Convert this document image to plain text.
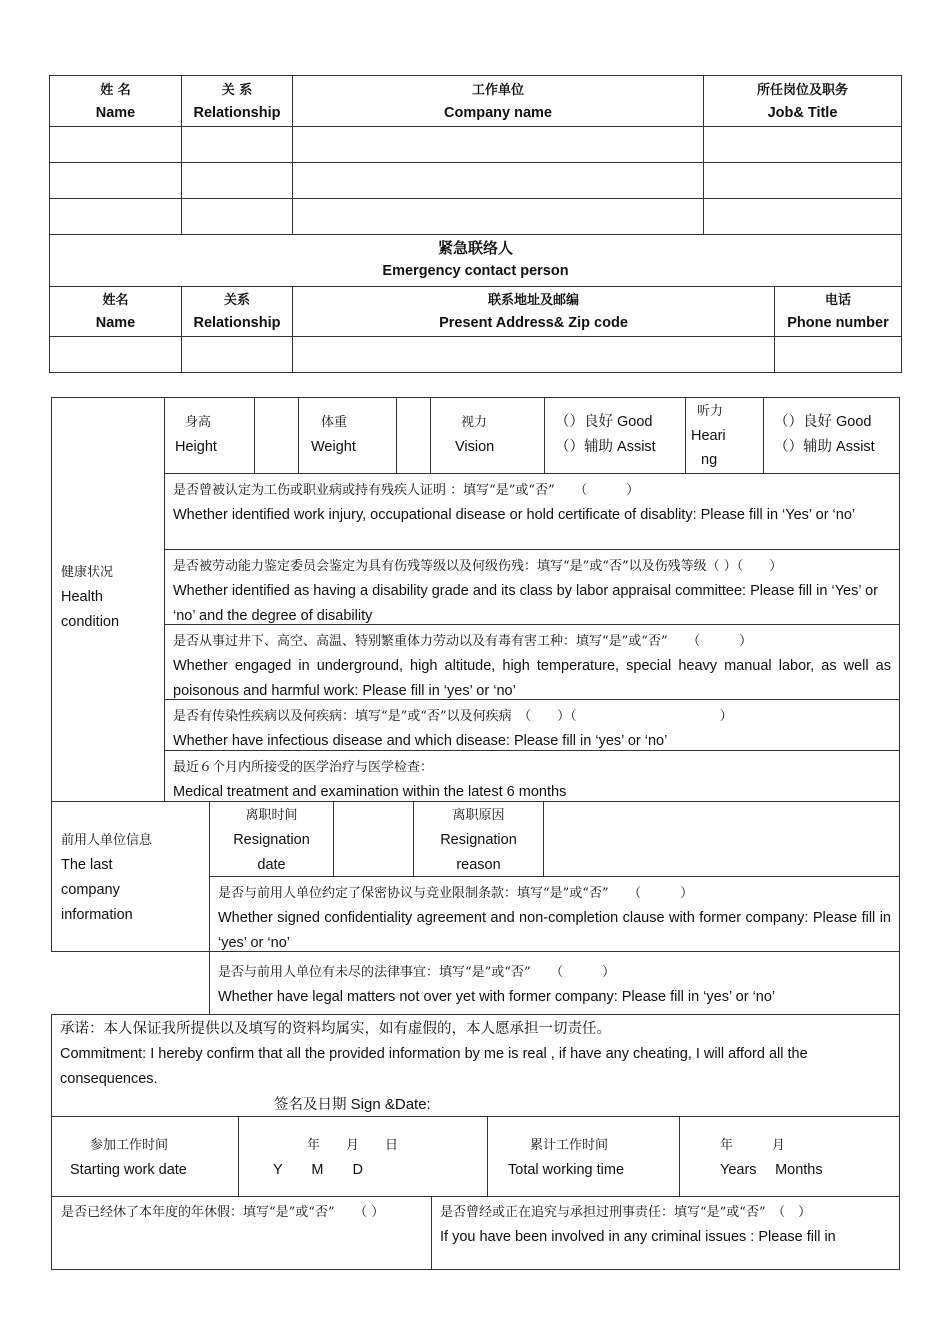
姓 名
Name
关 系
Relationship
工作单位
Company name
所任岗位及职务
Job& Title
紧急联络人
Emergency contact person
姓名
Name
关系
Relationship
联系地址及邮编
Present Address& Zip code
电话
Phone number
健康状况
Health
condition
身高
Height
体重
Weight
视力
Vision
（）良好 Good
（）辅助 Assist
听力
Heari
ng
（）良好 Good
（）辅助 Assist
是否曾被认定为工伤或职业病或持有残疾人证明 ：填写“是”或“否”　　（　　　）
Whether identified work injury, occupational disease or hold certificate of disablity: Please fill in ‘Yes’ or ‘no’
是否被劳动能力鉴定委员会鉴定为具有伤残等级以及何级伤残：填写“是”或“否”以及伤残等级（ ）（　　）
Whether identified as having a disability grade and its class by labor appraisal committee: Please fill in ‘Yes’ or ‘no’ and the degree of disability
是否从事过井下、高空、高温、特别繁重体力劳动以及有毒有害工种：填写“是”或“否”　　（　　　）
Whether engaged in underground, high altitude, high temperature, special heavy manual labor, as well as poisonous and harmful work: Please fill in ‘yes’ or ‘no’
是否有传染性疾病以及何疾病：填写“是”或“否”以及何疾病　（　　）（　　　　　　　　　　　）
Whether have infectious disease and which disease: Please fill in ‘yes’ or ‘no’
最近６个月内所接受的医学治疗与医学检查：
Medical treatment and examination within the latest 6 months
前用人单位信息
The last
company
information
离职时间
Resignation
date
离职原因
Resignation
reason
是否与前用人单位约定了保密协议与竞业限制条款：填写“是”或“否”　　（　　　）
Whether signed confidentiality agreement and non-completion clause with former company: Please fill in ‘yes’ or ‘no’
是否与前用人单位有未尽的法律事宜：填写“是”或“否”　　（　　　）
Whether have legal matters not over yet with former company: Please fill in ‘yes’ or ‘no’
承诺：本人保证我所提供以及填写的资料均属实，如有虚假的，本人愿承担一切责任。
Commitment: I hereby confirm that all the provided information by me is real , if have any cheating, I will afford all the consequences.
签名及日期 Sign &Date:
参加工作时间
Starting work date
年　　月　　日
Y　　M　　D
累计工作时间
Total working time
年　　　月
Years　 Months
是否已经休了本年度的年休假：填写“是”或“否”　　（ ）	是否曾经或正在追究与承担过刑事责任：填写“是”或“否”　（　）
If you have been involved in any criminal issues : Please fill in
